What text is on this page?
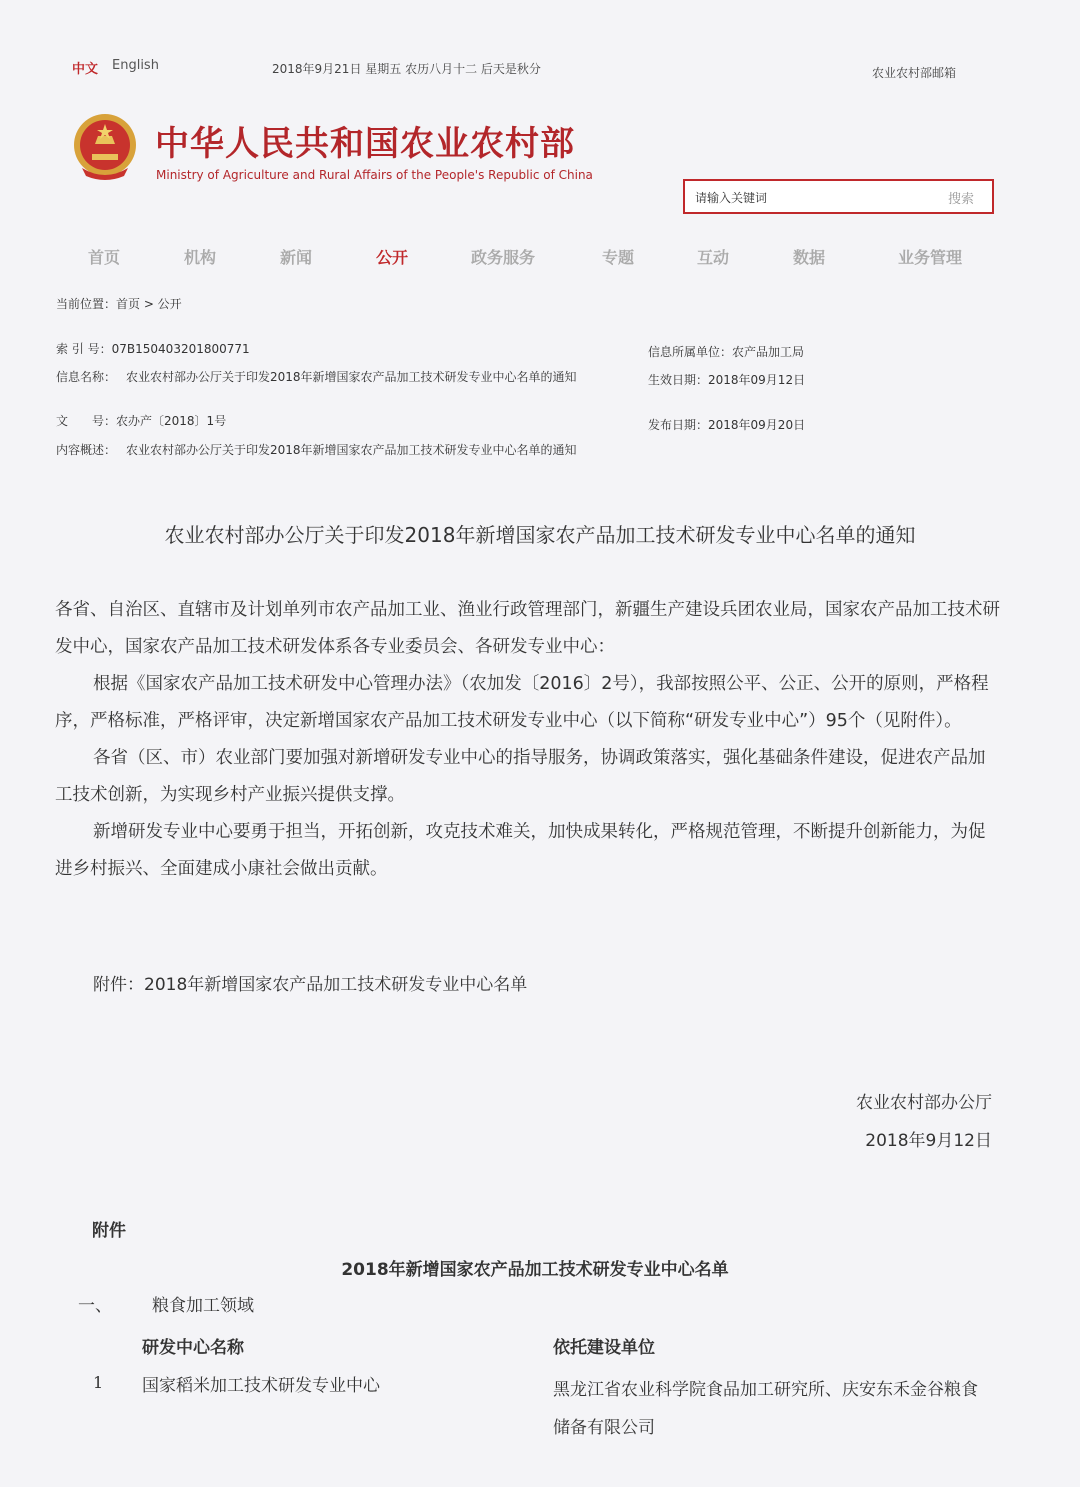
中文 English	2018年9月21日 星期五 农历八月十二 后天是秋分	农业农村部邮箱
中华人民共和国农业农村部
Ministry of Agriculture and Rural Affairs of the People's Republic of China
请输入关键词
搜索
首页	机构	新闻	公开	政务服务	专题	互动	数据	业务管理
当前位置：首页 > 公开
索 引 号：07B150403201800771
信息名称： 农业农村部办公厅关于印发2018年新增国家农产品加工技术研发专业中心名单的通知
文　　号：农办产〔2018〕1号
内容概述： 农业农村部办公厅关于印发2018年新增国家农产品加工技术研发专业中心名单的通知
信息所属单位：农产品加工局
生效日期：2018年09月12日
发布日期：2018年09月20日
农业农村部办公厅关于印发2018年新增国家农产品加工技术研发专业中心名单的通知

各省、自治区、直辖市及计划单列市农产品加工业、渔业行政管理部门，新疆生产建设兵团农业局，国家农产品加工技术研发中心，国家农产品加工技术研发体系各专业委员会、各研发专业中心：

根据《国家农产品加工技术研发中心管理办法》（农加发〔2016〕2号），我部按照公平、公正、公开的原则，严格程序，严格标准，严格评审，决定新增国家农产品加工技术研发专业中心（以下简称“研发专业中心”）95个（见附件）。

各省（区、市）农业部门要加强对新增研发专业中心的指导服务，协调政策落实，强化基础条件建设，促进农产品加工技术创新，为实现乡村产业振兴提供支撑。

新增研发专业中心要勇于担当，开拓创新，攻克技术难关，加快成果转化，严格规范管理，不断提升创新能力，为促进乡村振兴、全面建成小康社会做出贡献。

附件：2018年新增国家农产品加工技术研发专业中心名单
农业农村部办公厅
2018年9月12日
附件
2018年新增国家农产品加工技术研发专业中心名单
一、 粮食加工领域
研发中心名称	依托建设单位
1 国家稻米加工技术研发专业中心	黑龙江省农业科学院食品加工研究所、庆安东禾金谷粮食储备有限公司
